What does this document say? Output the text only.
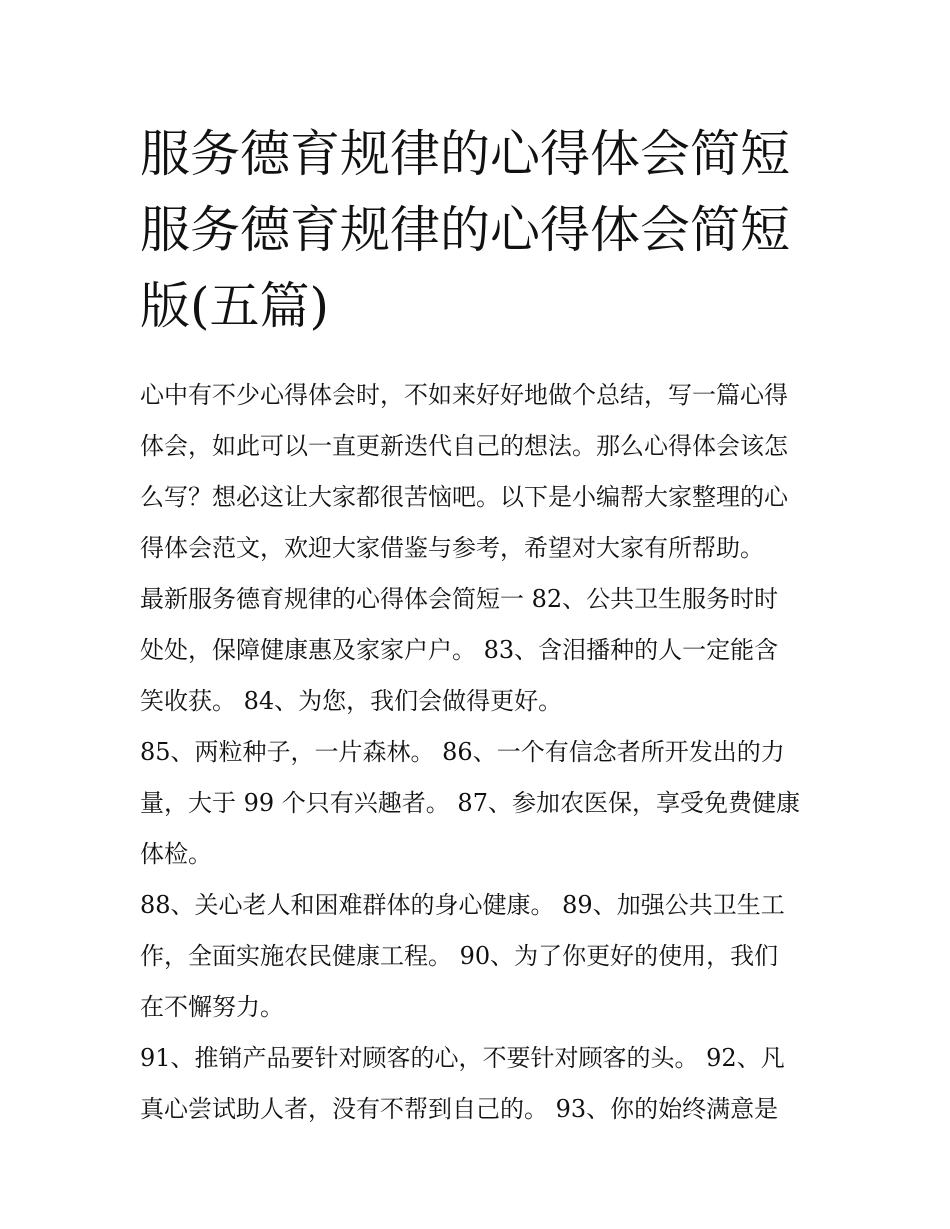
服务德育规律的心得体会简短
服务德育规律的心得体会简短
版(五篇)
心中有不少心得体会时，不如来好好地做个总结，写一篇心得
体会，如此可以一直更新迭代自己的想法。那么心得体会该怎
么写？想必这让大家都很苦恼吧。以下是小编帮大家整理的心
得体会范文，欢迎大家借鉴与参考，希望对大家有所帮助。
最新服务德育规律的心得体会简短一 82、公共卫生服务时时
处处，保障健康惠及家家户户。 83、含泪播种的人一定能含
笑收获。 84、为您，我们会做得更好。
85、两粒种子，一片森林。 86、一个有信念者所开发出的力
量，大于 99 个只有兴趣者。 87、参加农医保，享受免费健康
体检。
88、关心老人和困难群体的身心健康。 89、加强公共卫生工
作，全面实施农民健康工程。 90、为了你更好的使用，我们
在不懈努力。
91、推销产品要针对顾客的心，不要针对顾客的头。 92、凡
真心尝试助人者，没有不帮到自己的。 93、你的始终满意是
